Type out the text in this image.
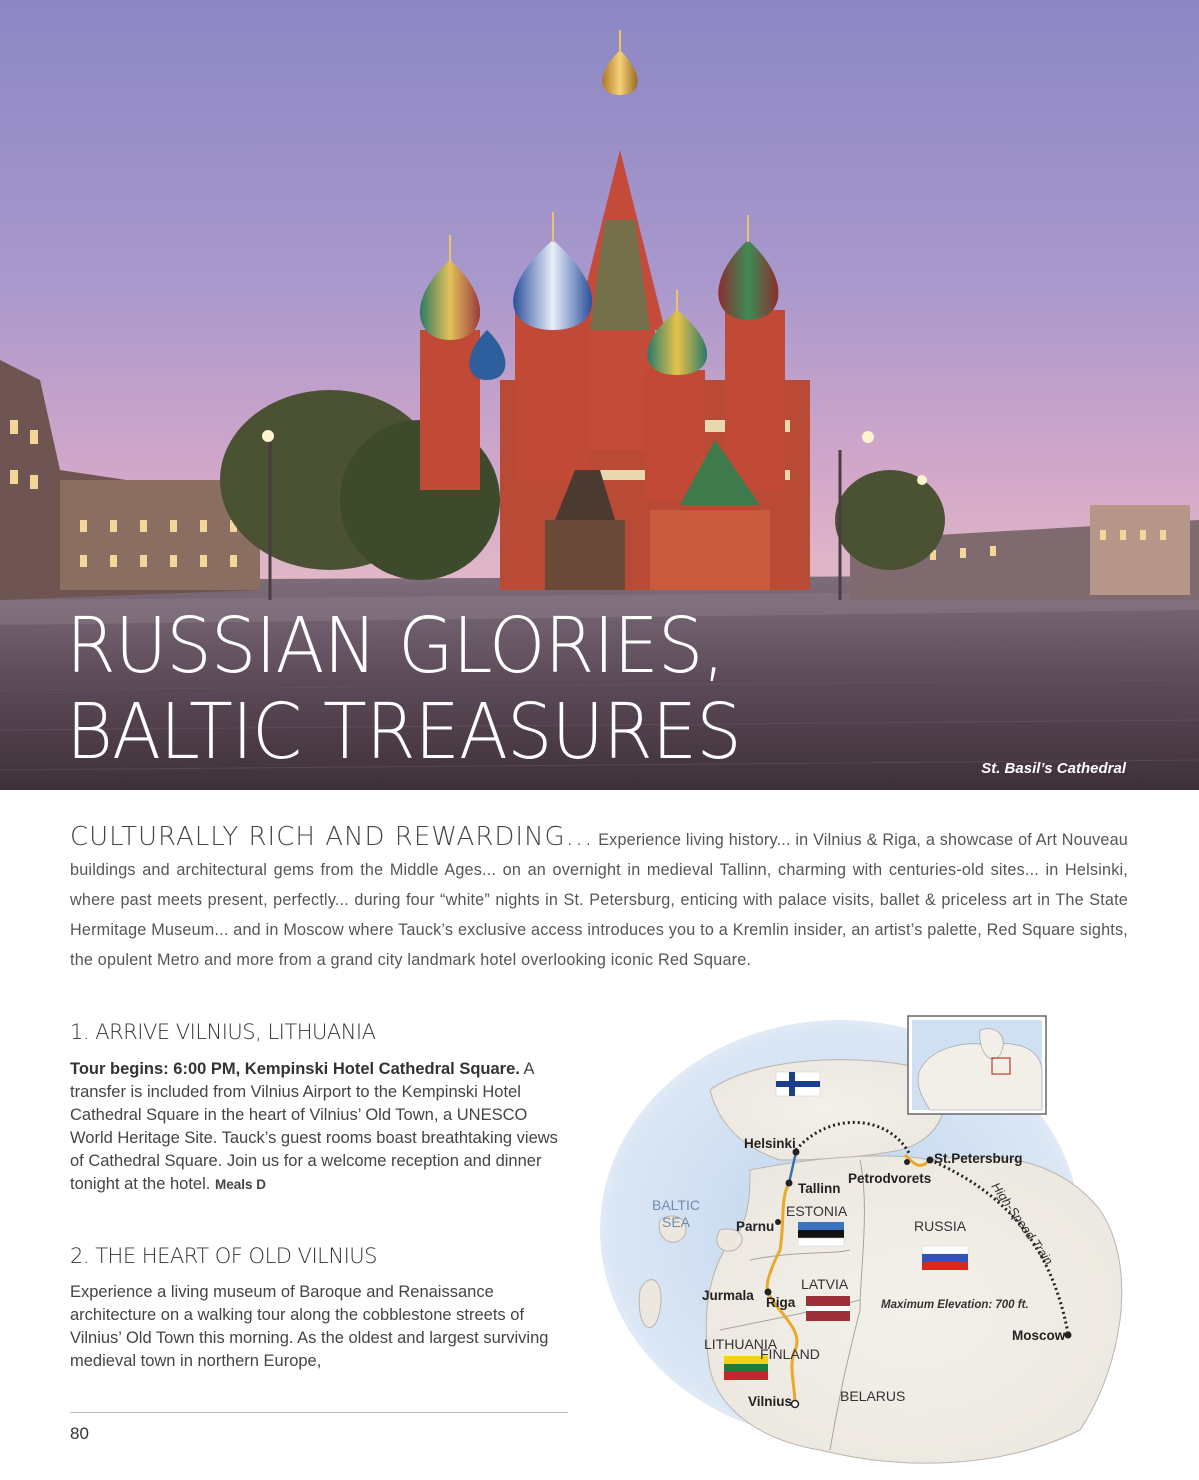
RUSSIAN GLORIES,
BALTIC TREASURES	St. Basil’s Cathedral

CULTURALLY RICH AND REWARDING... Experience living history... in Vilnius & Riga, a showcase of Art Nouveau buildings and architectural gems from the Middle Ages... on an overnight in medieval Tallinn, charming with centuries-old sites... in Helsinki, where past meets present, perfectly... during four “white” nights in St. Petersburg, enticing with palace visits, ballet & priceless art in The State Hermitage Museum... and in Moscow where Tauck’s exclusive access introduces you to a Kremlin insider, an artist’s palette, Red Square sights, the opulent Metro and more from a grand city landmark hotel overlooking iconic Red Square.

1. ARRIVE VILNIUS, LITHUANIA

Tour begins: 6:00 PM, Kempinski Hotel Cathedral Square. A transfer is included from Vilnius Airport to the Kempinski Hotel Cathedral Square in the heart of Vilnius’ Old Town, a UNESCO World Heritage Site. Tauck’s guest rooms boast breathtaking views of Cathedral Square. Join us for a welcome reception and dinner tonight at the hotel. Meals D

2. THE HEART OF OLD VILNIUS

Experience a living museum of Baroque and Renaissance architecture on a walking tour along the cobblestone streets of Vilnius’ Old Town this morning. As the oldest and largest surviving medieval town in northern Europe,

80
FINLAND
ESTONIA
RUSSIA
LATVIA
LITHUANIA
BELARUS
BALTIC
SEA
Helsinki
St.Petersburg
Petrodvorets
Tallinn
Parnu
Jurmala Riga
Vilnius
Moscow
High-Speed Train
Maximum Elevation: 700 ft.
